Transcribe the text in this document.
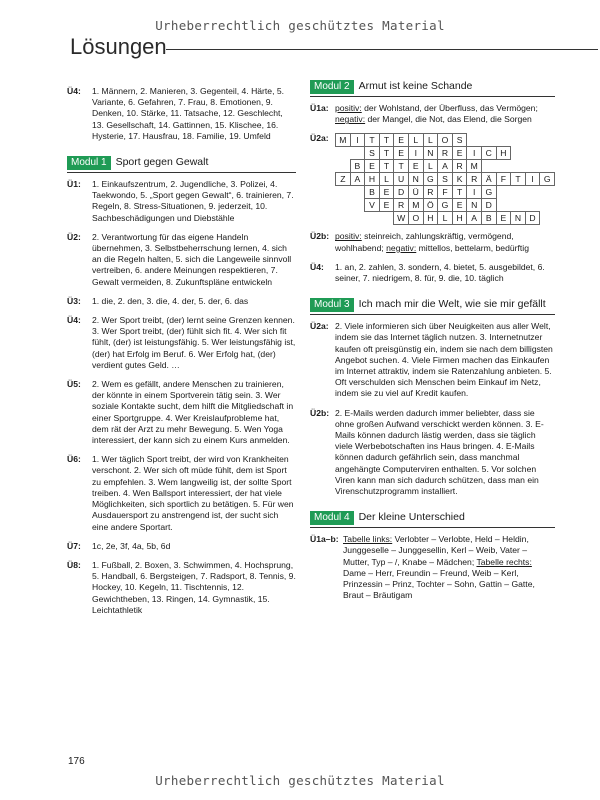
Urheberrechtlich geschütztes Material
Lösungen
Ü4: 1. Männern, 2. Manieren, 3. Gegenteil, 4. Härte, 5. Variante, 6. Gefahren, 7. Frau, 8. Emotionen, 9. Denken, 10. Stärke, 11. Tatsache, 12. Geschlecht, 13. Gesellschaft, 14. Gattinnen, 15. Klischee, 16. Hysterie, 17. Hausfrau, 18. Familie, 19. Umfeld
Modul 1 Sport gegen Gewalt
Ü1: 1. Einkaufszentrum, 2. Jugendliche, 3. Polizei, 4. Taekwondo, 5. „Sport gegen Gewalt“, 6. trainieren, 7. Regeln, 8. Stress-Situationen, 9. jederzeit, 10. Sachbeschädigungen und Diebstähle
Ü2: 2. Verantwortung für das eigene Handeln übernehmen, 3. Selbstbeherrschung lernen, 4. sich an die Regeln halten, 5. sich die Langeweile sinnvoll vertreiben, 6. andere Meinungen respektieren, 7. Gewalt vermeiden, 8. Zukunftspläne entwickeln
Ü3: 1. die, 2. den, 3. die, 4. der, 5. der, 6. das
Ü4: 2. Wer Sport treibt, (der) lernt seine Grenzen kennen. 3. Wer Sport treibt, (der) fühlt sich fit. 4. Wer sich fit fühlt, (der) ist leistungsfähig. 5. Wer leistungsfähig ist, (der) hat Erfolg im Beruf. 6. Wer Erfolg hat, (der) verdient gutes Geld. …
Ü5: 2. Wem es gefällt, andere Menschen zu trainieren, der könnte in einem Sportverein tätig sein. 3. Wer soziale Kontakte sucht, dem hilft die Mitgliedschaft in einer Sportgruppe. 4. Wer Kreislaufprobleme hat, dem rät der Arzt zu mehr Bewegung. 5. Wen Yoga interessiert, der kann sich zu einem Kurs anmelden.
Ü6: 1. Wer täglich Sport treibt, der wird von Krankheiten verschont. 2. Wer sich oft müde fühlt, dem ist Sport zu empfehlen. 3. Wem langweilig ist, der sollte Sport treiben. 4. Wen Ballsport interessiert, der hat viele Möglichkeiten, sich sportlich zu betätigen. 5. Für wen Ausdauersport zu anstrengend ist, der sucht sich eine andere Sportart.
Ü7: 1c, 2e, 3f, 4a, 5b, 6d
Ü8: 1. Fußball, 2. Boxen, 3. Schwimmen, 4. Hochsprung, 5. Handball, 6. Bergsteigen, 7. Radsport, 8. Tennis, 9. Hockey, 10. Kegeln, 11. Tischtennis, 12. Gewichtheben, 13. Ringen, 14. Gymnastik, 15. Leichtathletik
Modul 2 Armut ist keine Schande
Ü1a: positiv: der Wohlstand, der Überfluss, das Vermögen; negativ: der Mangel, die Not, das Elend, die Sorgen
Ü2a: M	I	T	T	E	L	L	O	S						
		S	T	E	I	N	R	E	I	C	H			
	B	E	T	T	E	L	A	R	M					
Z	A	H	L	U	N	G	S	K	R	Ä	F	T	I	G
		B	E	D	Ü	R	F	T	I	G				
		V	E	R	M	Ö	G	E	N	D				
				W	O	H	L	H	A	B	E	N	D	
Ü2b: positiv: steinreich, zahlungskräftig, vermögend, wohlhabend; negativ: mittellos, bettelarm, bedürftig
Ü4: 1. an, 2. zahlen, 3. sondern, 4. bietet, 5. ausgebildet, 6. seiner, 7. niedrigem, 8. für, 9. die, 10. täglich
Modul 3 Ich mach mir die Welt, wie sie mir gefällt
Ü2a: 2. Viele informieren sich über Neuigkeiten aus aller Welt, indem sie das Internet täglich nutzen. 3. Internetnutzer kaufen oft preisgünstig ein, indem sie nach dem billigsten Angebot suchen. 4. Viele Firmen machen das Einkaufen im Internet attraktiv, indem sie Ratenzahlung anbieten. 5. Oft verschulden sich Menschen beim Einkauf im Netz, indem sie zu viel auf Kredit kaufen.
Ü2b: 2. E-Mails werden dadurch immer beliebter, dass sie ohne großen Aufwand verschickt werden können. 3. E-Mails können dadurch lästig werden, dass sie täglich viele Werbebotschaften ins Haus bringen. 4. E-Mails können dadurch gefährlich sein, dass manchmal angehängte Computerviren enthalten. 5. Vor solchen Viren kann man sich dadurch schützen, dass man ein Virenschutzprogramm installiert.
Modul 4 Der kleine Unterschied
Ü1a–b: Tabelle links: Verlobter – Verlobte, Held – Heldin, Junggeselle – Junggesellin, Kerl – Weib, Vater – Mutter, Typ – /, Knabe – Mädchen; Tabelle rechts: Dame – Herr, Freundin – Freund, Weib – Kerl, Prinzessin – Prinz, Tochter – Sohn, Gattin – Gatte, Braut – Bräutigam
176
Urheberrechtlich geschütztes Material
